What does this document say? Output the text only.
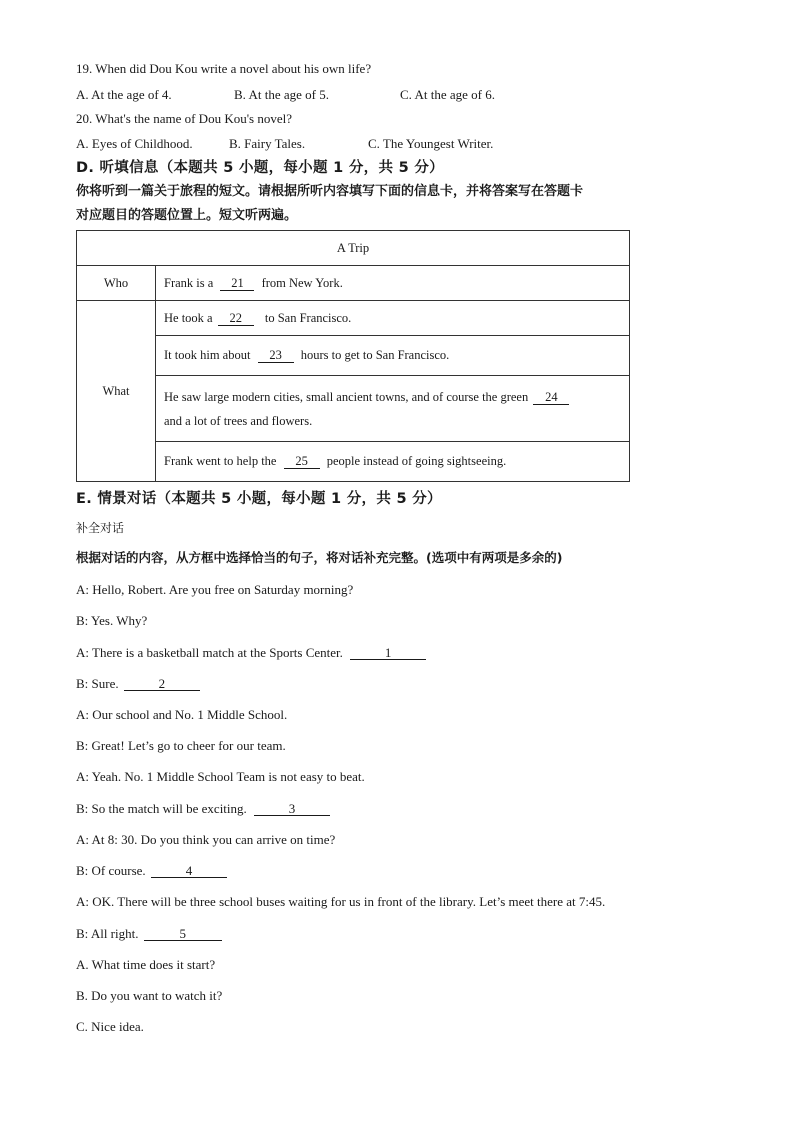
19. When did Dou Kou write a novel about his own life?
A. At the age of 4.	B. At the age of 5.	C. At the age of 6.
20. What's the name of Dou Kou's novel?
A. Eyes of Childhood.	B. Fairy Tales.	C. The Youngest Writer.
D. 听填信息（本题共 5 小题，每小题 1 分，共 5 分）
你将听到一篇关于旅程的短文。请根据所听内容填写下面的信息卡，并将答案写在答题卡
对应题目的答题位置上。短文听两遍。
A Trip	
Who	Frank is a 21 from New York.
What	He took a 22 to San Francisco.
	It took him about 23 hours to get to San Francisco.

	He saw large modern cities, small ancient towns, and of course the green 24
and a lot of trees and flowers.

	Frank went to help the 25 people instead of going sightseeing.
E. 情景对话（本题共 5 小题，每小题 1 分，共 5 分）
补全对话
根据对话的内容，从方框中选择恰当的句子，将对话补充完整。(选项中有两项是多余的)
A: Hello, Robert. Are you free on Saturday morning?
B: Yes. Why?
A: There is a basketball match at the Sports Center.	1
B: Sure.	2
A: Our school and No. 1 Middle School.
B: Great! Let’s go to cheer for our team.
A: Yeah. No. 1 Middle School Team is not easy to beat.
B: So the match will be exciting.	3
A: At 8: 30. Do you think you can arrive on time?
B: Of course.	4
A: OK. There will be three school buses waiting for us in front of the library. Let’s meet there at 7:45.
B: All right.	5
A. What time does it start?
B. Do you want to watch it?
C. Nice idea.
